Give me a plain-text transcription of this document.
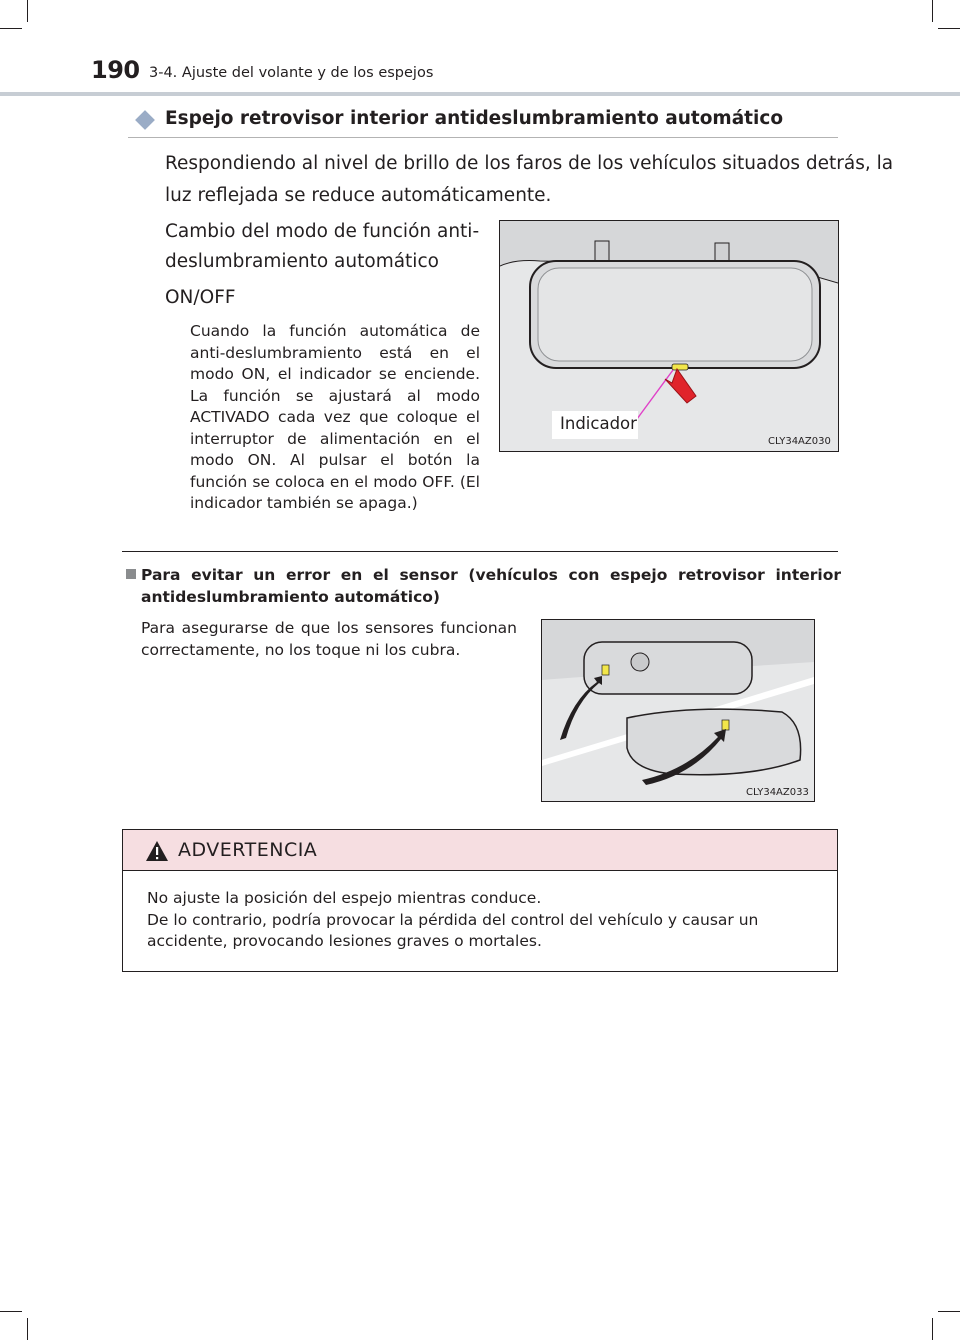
190 3-4. Ajuste del volante y de los espejos
Espejo retrovisor interior antideslumbramiento automático
Respondiendo al nivel de brillo de los faros de los vehículos situados detrás, la
luz reflejada se reduce automáticamente.
Cambio del modo de función anti-
deslumbramiento automático
ON/OFF
Cuando la función automática de anti-deslumbramiento está en el modo ON, el indicador se enciende. La función se ajustará al modo ACTIVADO cada vez que coloque el interruptor de alimentación en el modo ON. Al pulsar el botón la función se coloca en el modo OFF. (El indicador también se apaga.)
Indicador
CLY34AZ030
Para evitar un error en el sensor (vehículos con espejo retrovisor interior antideslumbramiento automático)
Para asegurarse de que los sensores funcionan correctamente, no los toque ni los cubra.
CLY34AZ033
ADVERTENCIA
No ajuste la posición del espejo mientras conduce.
De lo contrario, podría provocar la pérdida del control del vehículo y causar un accidente, provocando lesiones graves o mortales.
